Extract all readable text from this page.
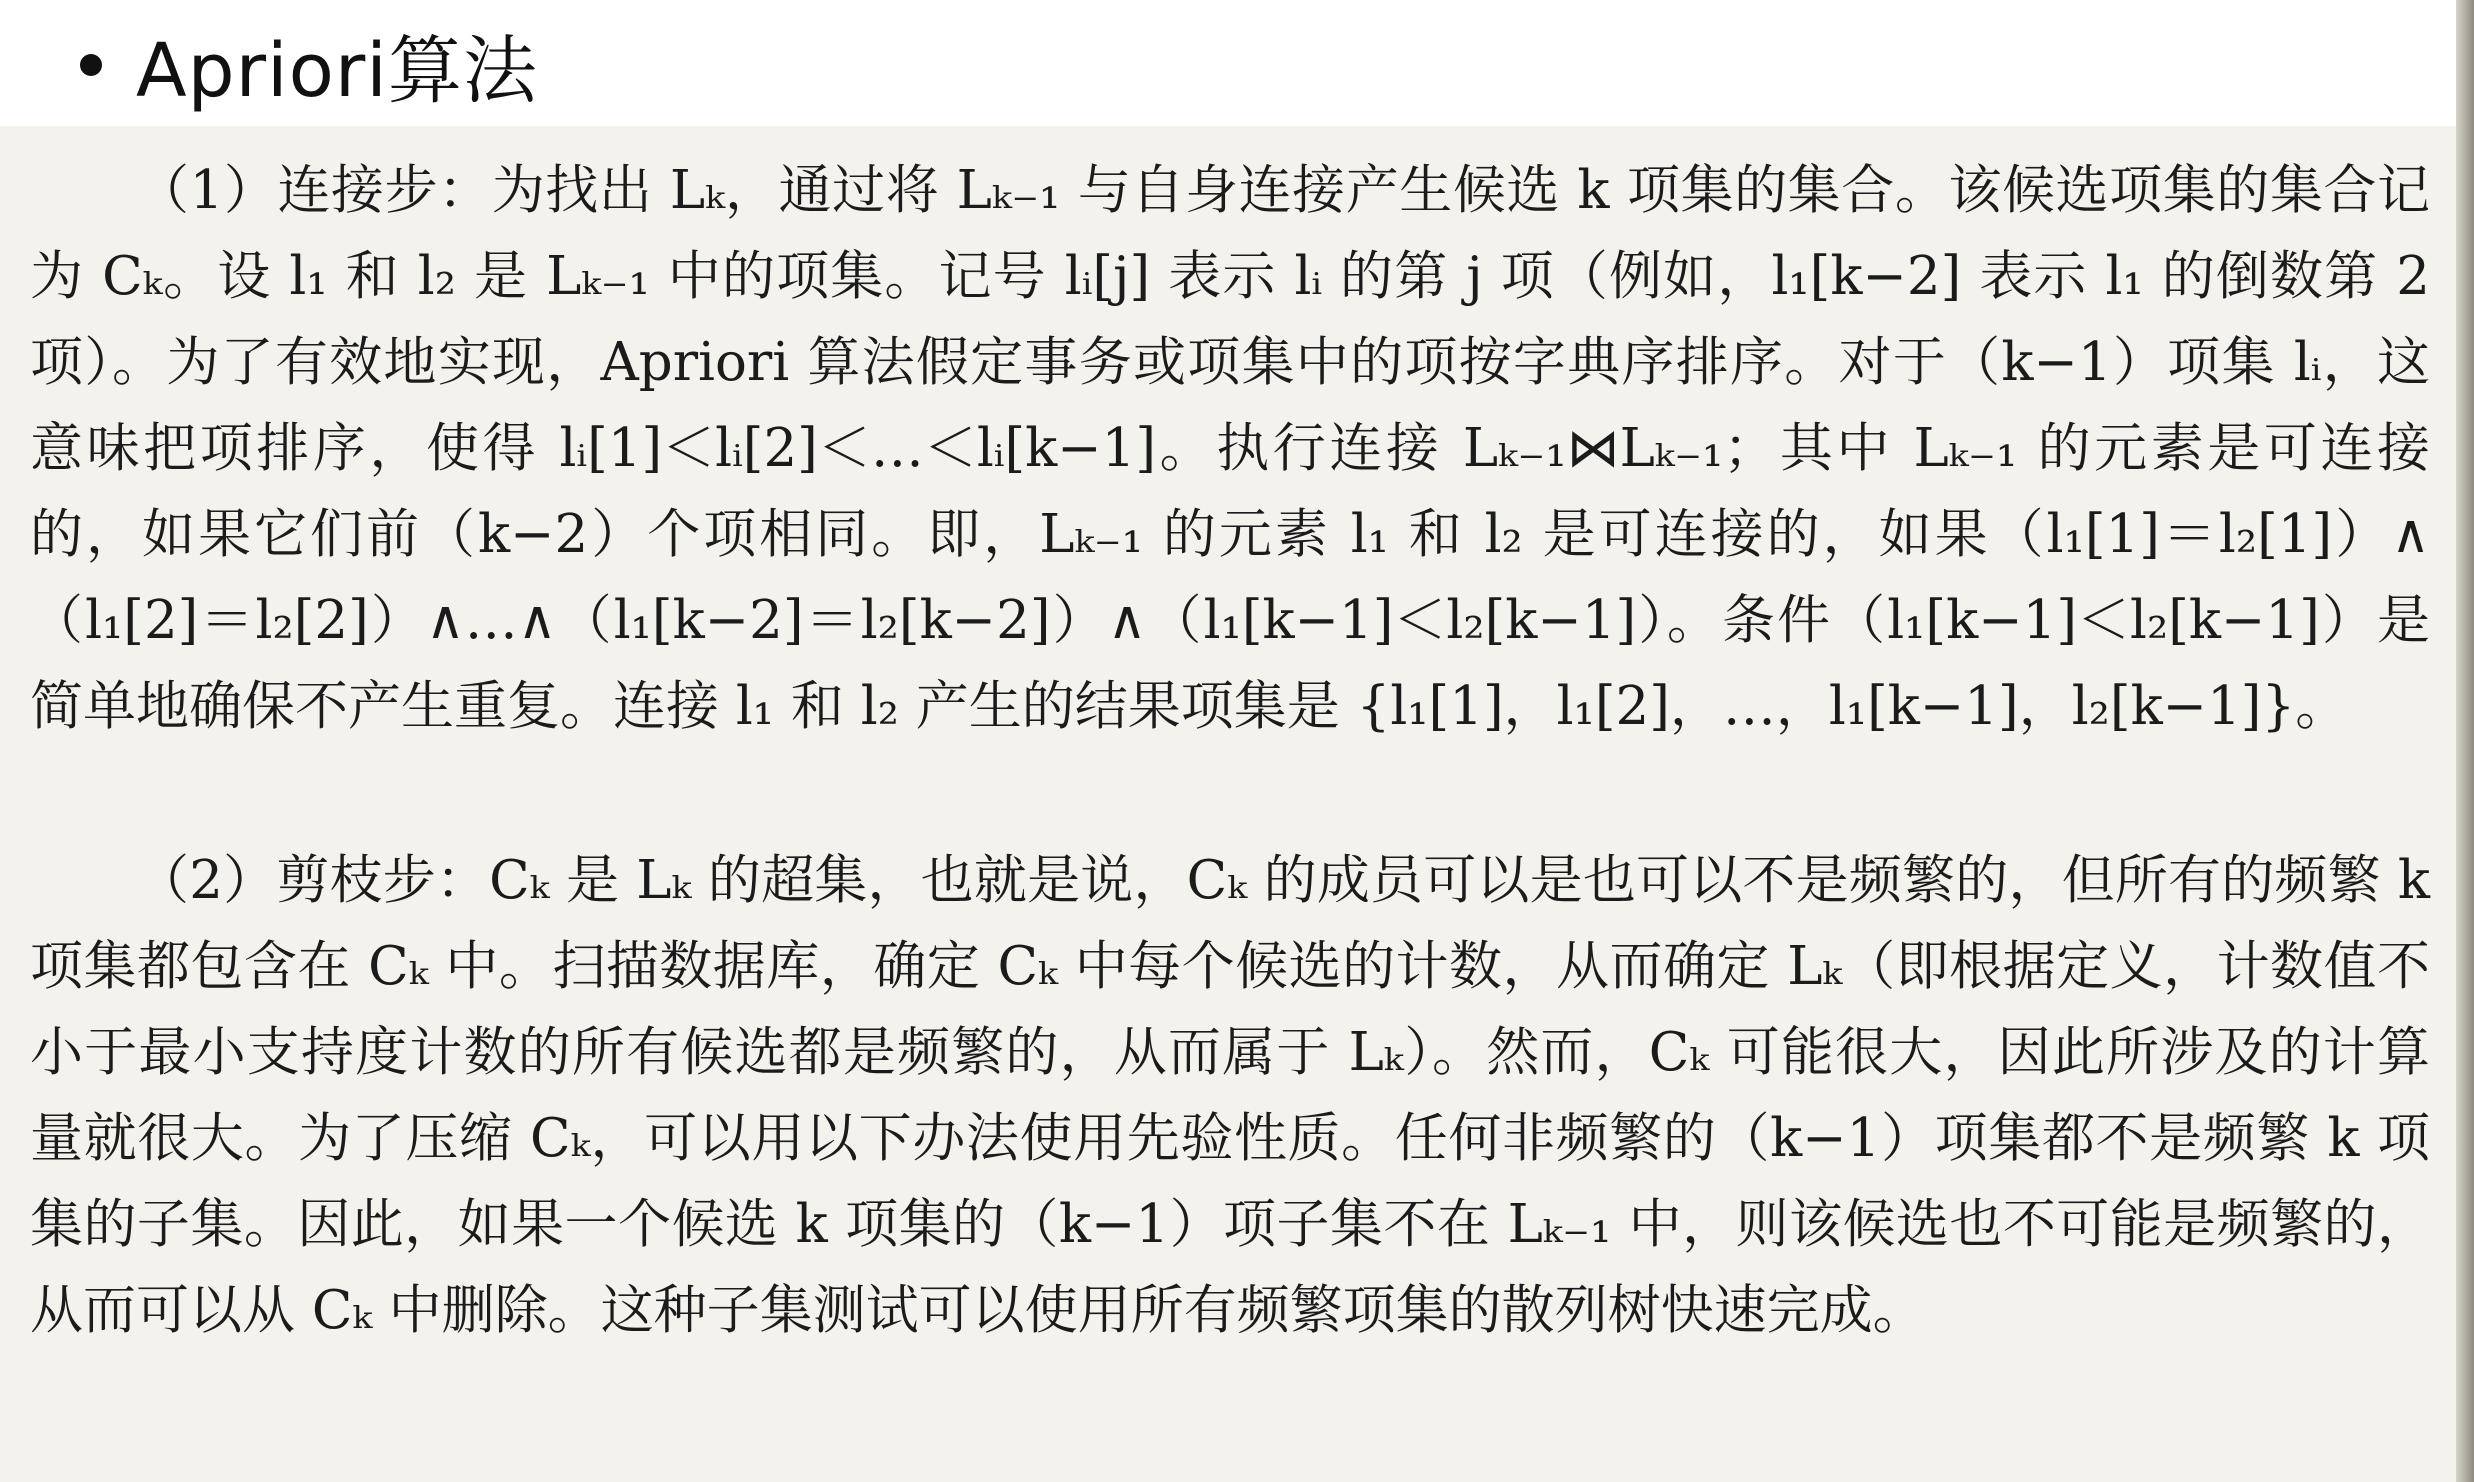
Apriori算法

（1）连接步：为找出 Lₖ，通过将 Lₖ₋₁ 与自身连接产生候选 k 项集的集合。该候选项集的集合记为 Cₖ。设 l₁ 和 l₂ 是 Lₖ₋₁ 中的项集。记号 lᵢ[j] 表示 lᵢ 的第 j 项（例如，l₁[k−2] 表示 l₁ 的倒数第 2 项）。为了有效地实现，Apriori 算法假定事务或项集中的项按字典序排序。对于（k−1）项集 lᵢ，这意味把项排序，使得 lᵢ[1]＜lᵢ[2]＜…＜lᵢ[k−1]。执行连接 Lₖ₋₁⋈Lₖ₋₁；其中 Lₖ₋₁ 的元素是可连接的，如果它们前（k−2）个项相同。即，Lₖ₋₁ 的元素 l₁ 和 l₂ 是可连接的，如果（l₁[1]＝l₂[1]）∧（l₁[2]＝l₂[2]）∧…∧（l₁[k−2]＝l₂[k−2]）∧（l₁[k−1]＜l₂[k−1]）。条件（l₁[k−1]＜l₂[k−1]）是简单地确保不产生重复。连接 l₁ 和 l₂ 产生的结果项集是 {l₁[1]，l₁[2]，…，l₁[k−1]，l₂[k−1]}。

（2）剪枝步：Cₖ 是 Lₖ 的超集，也就是说，Cₖ 的成员可以是也可以不是频繁的，但所有的频繁 k 项集都包含在 Cₖ 中。扫描数据库，确定 Cₖ 中每个候选的计数，从而确定 Lₖ（即根据定义，计数值不小于最小支持度计数的所有候选都是频繁的，从而属于 Lₖ）。然而，Cₖ 可能很大，因此所涉及的计算量就很大。为了压缩 Cₖ，可以用以下办法使用先验性质。任何非频繁的（k−1）项集都不是频繁 k 项集的子集。因此，如果一个候选 k 项集的（k−1）项子集不在 Lₖ₋₁ 中，则该候选也不可能是频繁的，从而可以从 Cₖ 中删除。这种子集测试可以使用所有频繁项集的散列树快速完成。
